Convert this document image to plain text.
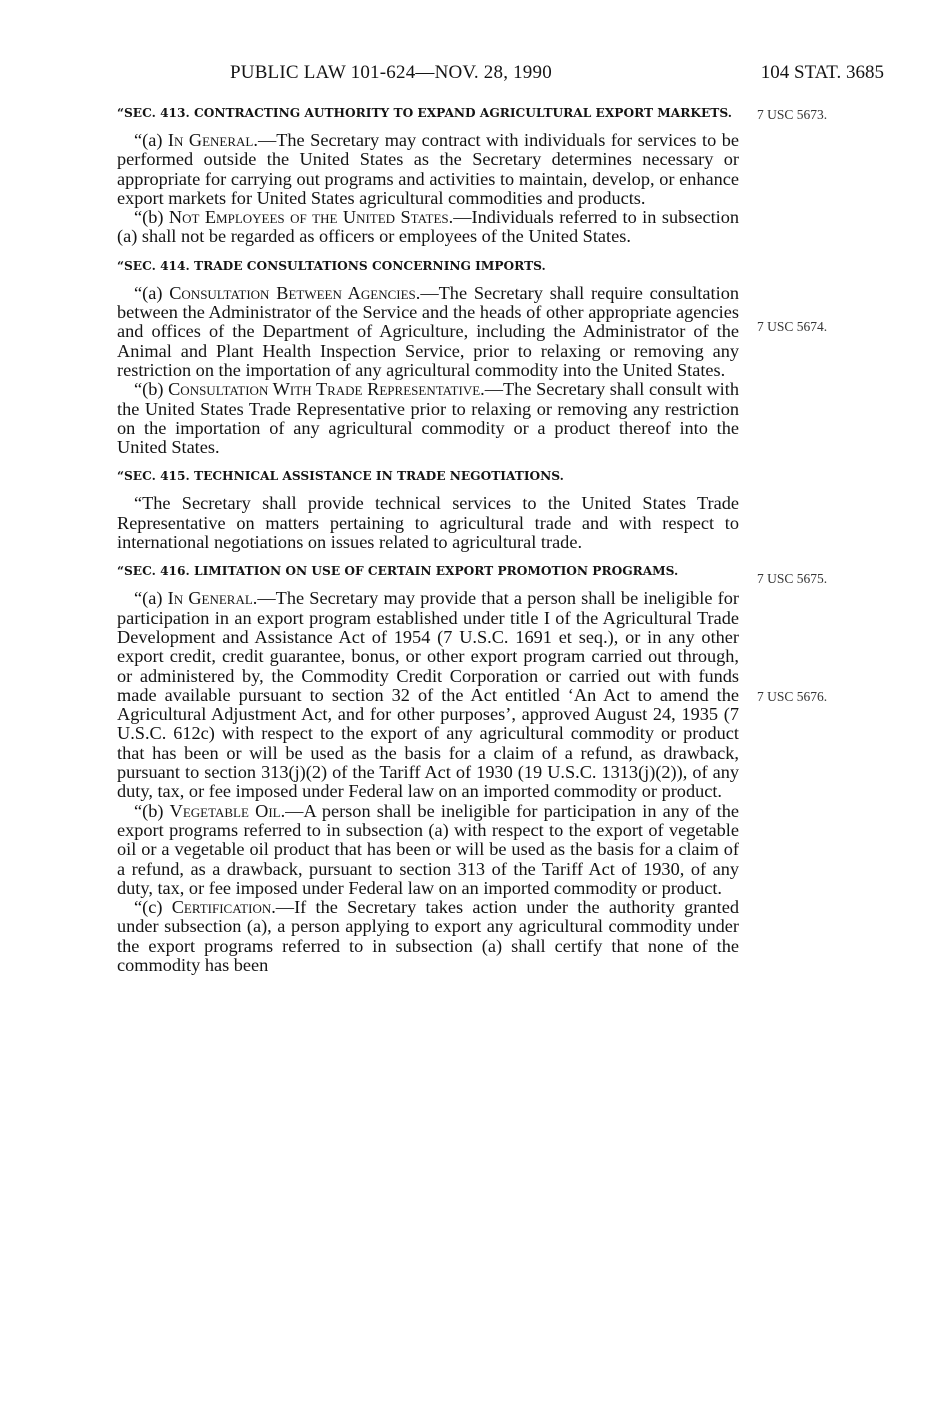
PUBLIC LAW 101-624—NOV. 28, 1990	104 STAT. 3685
7 USC 5673.
7 USC 5674.
7 USC 5675.
7 USC 5676.

“SEC. 413. CONTRACTING AUTHORITY TO EXPAND AGRICULTURAL EXPORT MARKETS.

“(a) In General.—The Secretary may contract with individuals for services to be performed outside the United States as the Secretary determines necessary or appropriate for carrying out programs and activities to maintain, develop, or enhance export markets for United States agricultural commodities and products.

“(b) Not Employees of the United States.—Individuals referred to in subsection (a) shall not be regarded as officers or employees of the United States.

“SEC. 414. TRADE CONSULTATIONS CONCERNING IMPORTS.

“(a) Consultation Between Agencies.—The Secretary shall require consultation between the Administrator of the Service and the heads of other appropriate agencies and offices of the Department of Agriculture, including the Administrator of the Animal and Plant Health Inspection Service, prior to relaxing or removing any restriction on the importation of any agricultural commodity into the United States.

“(b) Consultation With Trade Representative.—The Secretary shall consult with the United States Trade Representative prior to relaxing or removing any restriction on the importation of any agricultural commodity or a product thereof into the United States.

“SEC. 415. TECHNICAL ASSISTANCE IN TRADE NEGOTIATIONS.

“The Secretary shall provide technical services to the United States Trade Representative on matters pertaining to agricultural trade and with respect to international negotiations on issues related to agricultural trade.

“SEC. 416. LIMITATION ON USE OF CERTAIN EXPORT PROMOTION PROGRAMS.

“(a) In General.—The Secretary may provide that a person shall be ineligible for participation in an export program established under title I of the Agricultural Trade Development and Assistance Act of 1954 (7 U.S.C. 1691 et seq.), or in any other export credit, credit guarantee, bonus, or other export program carried out through, or administered by, the Commodity Credit Corporation or carried out with funds made available pursuant to section 32 of the Act entitled ‘An Act to amend the Agricultural Adjustment Act, and for other purposes’, approved August 24, 1935 (7 U.S.C. 612c) with respect to the export of any agricultural commodity or product that has been or will be used as the basis for a claim of a refund, as drawback, pursuant to section 313(j)(2) of the Tariff Act of 1930 (19 U.S.C. 1313(j)(2)), of any duty, tax, or fee imposed under Federal law on an imported commodity or product.

“(b) Vegetable Oil.—A person shall be ineligible for participation in any of the export programs referred to in subsection (a) with respect to the export of vegetable oil or a vegetable oil product that has been or will be used as the basis for a claim of a refund, as a drawback, pursuant to section 313 of the Tariff Act of 1930, of any duty, tax, or fee imposed under Federal law on an imported commodity or product.

“(c) Certification.—If the Secretary takes action under the authority granted under subsection (a), a person applying to export any agricultural commodity under the export programs referred to in subsection (a) shall certify that none of the commodity has been
